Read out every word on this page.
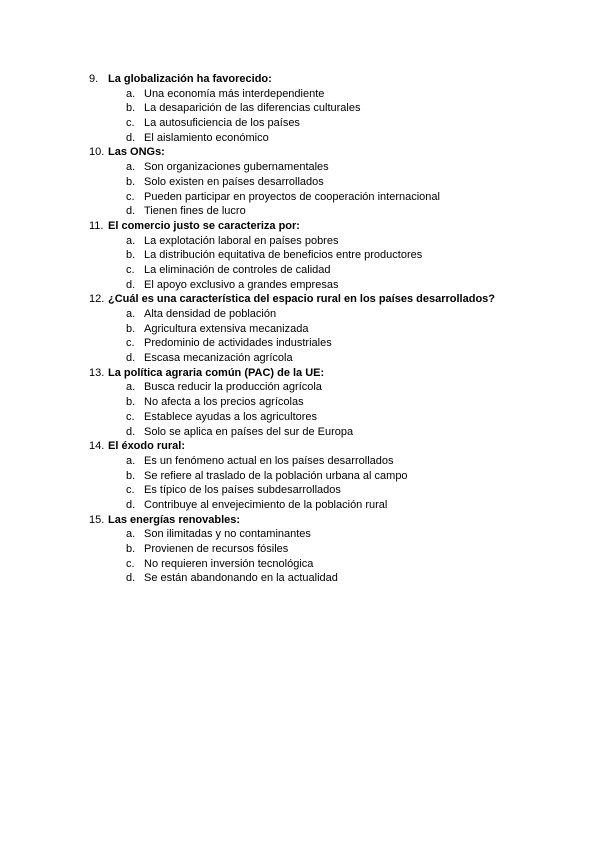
9. La globalización ha favorecido:
a. Una economía más interdependiente
b. La desaparición de las diferencias culturales
c. La autosuficiencia de los países
d. El aislamiento económico
10. Las ONGs:
a. Son organizaciones gubernamentales
b. Solo existen en países desarrollados
c. Pueden participar en proyectos de cooperación internacional
d. Tienen fines de lucro
11. El comercio justo se caracteriza por:
a. La explotación laboral en países pobres
b. La distribución equitativa de beneficios entre productores
c. La eliminación de controles de calidad
d. El apoyo exclusivo a grandes empresas
12. ¿Cuál es una característica del espacio rural en los países desarrollados?
a. Alta densidad de población
b. Agricultura extensiva mecanizada
c. Predominio de actividades industriales
d. Escasa mecanización agrícola
13. La política agraria común (PAC) de la UE:
a. Busca reducir la producción agrícola
b. No afecta a los precios agrícolas
c. Establece ayudas a los agricultores
d. Solo se aplica en países del sur de Europa
14. El éxodo rural:
a. Es un fenómeno actual en los países desarrollados
b. Se refiere al traslado de la población urbana al campo
c. Es típico de los países subdesarrollados
d. Contribuye al envejecimiento de la población rural
15. Las energías renovables:
a. Son ilimitadas y no contaminantes
b. Provienen de recursos fósiles
c. No requieren inversión tecnológica
d. Se están abandonando en la actualidad
